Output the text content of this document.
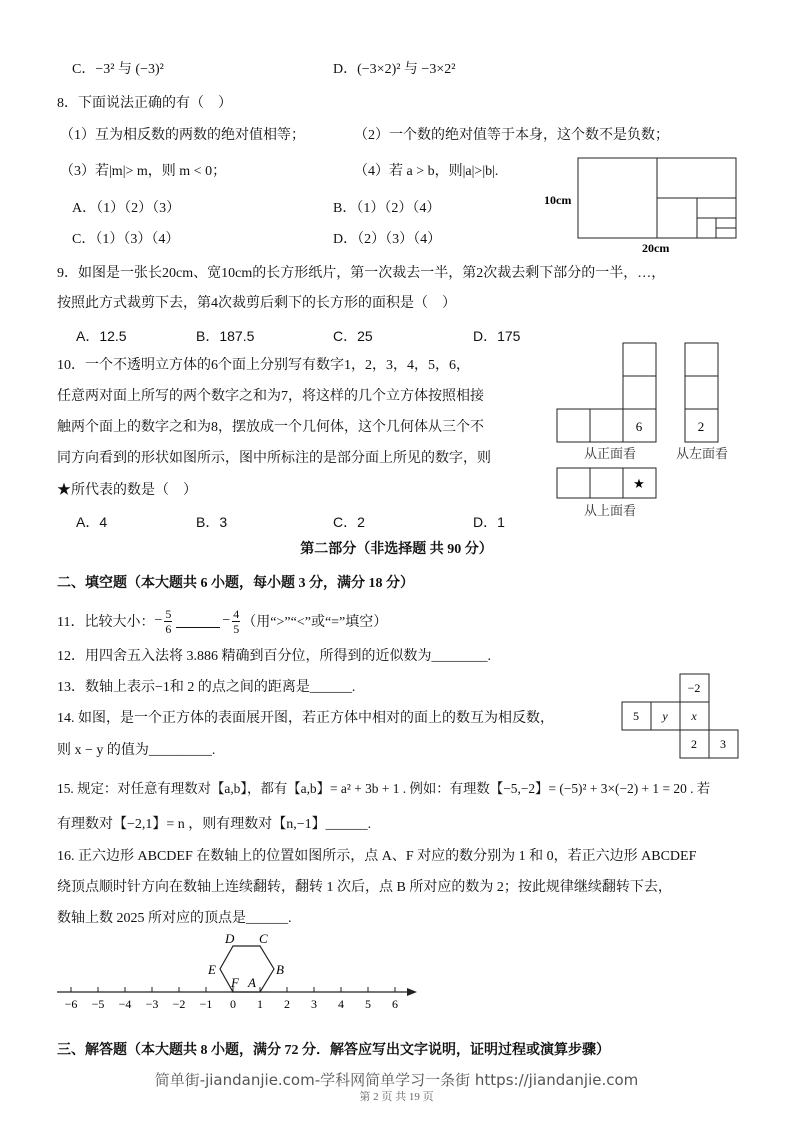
C．−3² 与 (−3)²	D．(−3×2)² 与 −3×2²
8．下面说法正确的有（　）
（1）互为相反数的两数的绝对值相等；	（2）一个数的绝对值等于本身，这个数不是负数；
（3）若|m|> m，则 m < 0；	（4）若 a > b，则|a|>|b|.
A．（1）（2）（3）	B．（1）（2）（4）
C．（1）（3）（4）	D．（2）（3）（4）
10cm
20cm
9．如图是一张长20cm、宽10cm的长方形纸片，第一次裁去一半，第2次裁去剩下部分的一半，…，
按照此方式裁剪下去，第4次裁剪后剩下的长方形的面积是（　）
A．12.5	B．187.5	C．25	D．175
10．一个不透明立方体的6个面上分别写有数字1，2，3，4，5，6，
任意两对面上所写的两个数字之和为7，将这样的几个立方体按照相接
触两个面上的数字之和为8，摆放成一个几何体，这个几何体从三个不
同方向看到的形状如图所示，图中所标注的是部分面上所见的数字，则
★所代表的数是（　）
A．4	B．3	C．2	D．1
6	2
★
从正面看	从左面看
从上面看
第二部分（非选择题 共 90 分）
二、填空题（本大题共 6 小题，每小题 3 分，满分 18 分）
11．比较大小： − $\frac{5}{6}$	− $\frac{4}{5}$ （用“>”“<”或“=”填空）
12．用四舍五入法将 3.886 精确到百分位，所得到的近似数为________.
13．数轴上表示−1和 2 的点之间的距离是______.
14. 如图，是一个正方体的表面展开图，若正方体中相对的面上的数互为相反数，
则 x − y 的值为_________.
−2
5 y x
2 3
15. 规定：对任意有理数对【a,b】，都有【a,b】= a² + 3b + 1 . 例如：有理数【−5,−2】= (−5)² + 3×(−2) + 1 = 20 . 若
有理数对【−2,1】= n ，则有理数对【n,−1】______.
16. 正六边形 ABCDEF 在数轴上的位置如图所示，点 A、F 对应的数分别为 1 和 0，若正六边形 ABCDEF
绕顶点顺时针方向在数轴上连续翻转，翻转 1 次后，点 B 所对应的数为 2；按此规律继续翻转下去，
数轴上数 2025 所对应的顶点是______.
−6 −5 −4 −3 −2 −1 0 1 2 3 4 5 6
A
B
C
D
E
F
三、解答题（本大题共 8 小题，满分 72 分．解答应写出文字说明，证明过程或演算步骤）
简单街-jiandanjie.com-学科网简单学习一条街 https://jiandanjie.com
第 2 页 共 19 页
